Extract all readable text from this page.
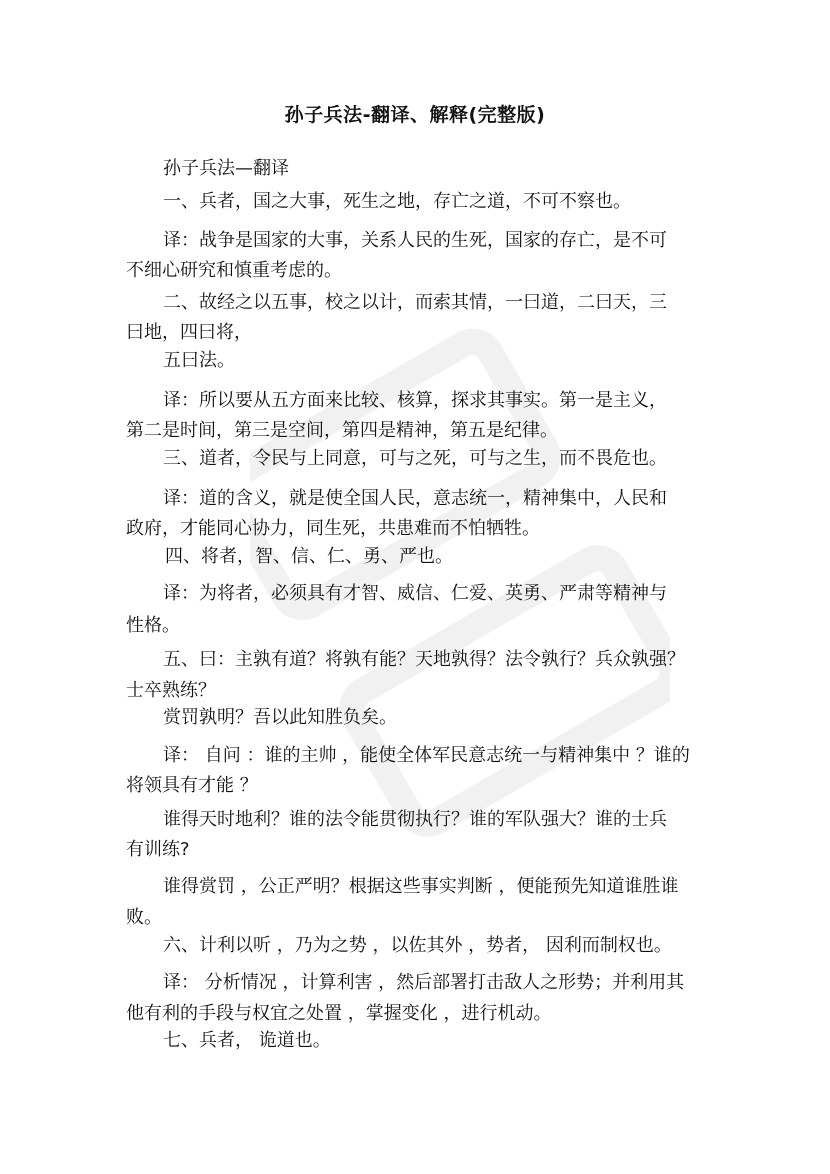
孙子兵法-翻译、解释(完整版)
孙子兵法—翻译
一、兵者，国之大事，死生之地，存亡之道，不可不察也。
译：战争是国家的大事，关系人民的生死，国家的存亡，是不可
不细心研究和慎重考虑的。
二、故经之以五事，校之以计，而索其情，一曰道，二曰天，三
曰地，四曰将，
五曰法。
译：所以要从五方面来比较、核算，探求其事实。第一是主义，
第二是时间，第三是空间，第四是精神，第五是纪律。
三、道者，令民与上同意，可与之死，可与之生，而不畏危也。
译：道的含义，就是使全国人民，意志统一，精神集中，人民和
政府，才能同心协力，同生死，共患难而不怕牺牲。
四、将者，智、信、仁、勇、严也。
译：为将者，必须具有才智、威信、仁爱、英勇、严肃等精神与
性格。
五、曰：主孰有道？将孰有能？天地孰得？法令孰行？兵众孰强？
士卒熟练？
赏罚孰明？吾以此知胜负矣。
译： 自问 ：谁的主帅 ，能使全体军民意志统一与精神集中 ？谁的
将领具有才能 ？
谁得天时地利？谁的法令能贯彻执行？谁的军队强大？谁的士兵
有训练?
谁得赏罚 ，公正严明？根据这些事实判断 ，便能预先知道谁胜谁
败。
六、计利以听 ，乃为之势 ，以佐其外 ，势者， 因利而制权也。
译： 分析情况 ，计算利害 ，然后部署打击敌人之形势；并利用其
他有利的手段与权宜之处置 ，掌握变化 ，进行机动。
七、兵者， 诡道也。
